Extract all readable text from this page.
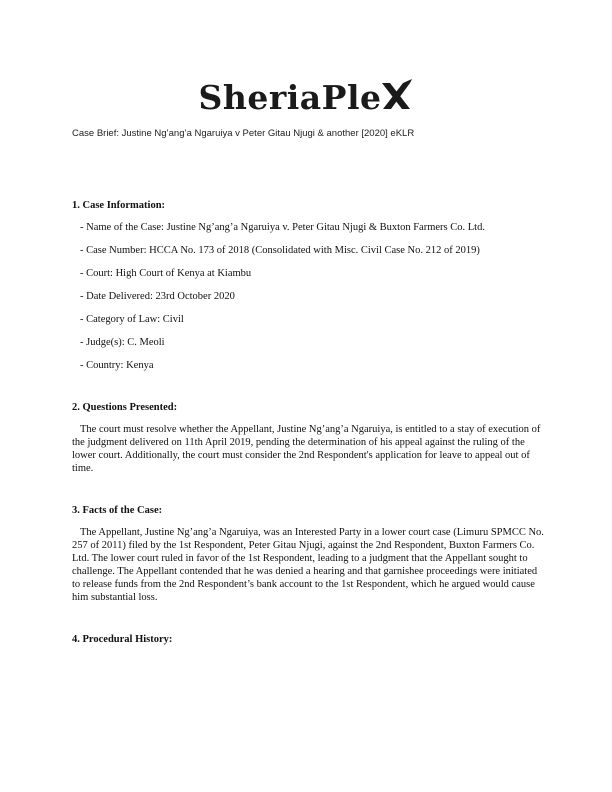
SheriaPle
Case Brief: Justine Ng’ang’a Ngaruiya v Peter Gitau Njugi & another [2020] eKLR
1. Case Information:

- Name of the Case: Justine Ng’ang’a Ngaruiya v. Peter Gitau Njugi & Buxton Farmers Co. Ltd.

- Case Number: HCCA No. 173 of 2018 (Consolidated with Misc. Civil Case No. 212 of 2019)

- Court: High Court of Kenya at Kiambu

- Date Delivered: 23rd October 2020

- Category of Law: Civil

- Judge(s): C. Meoli

- Country: Kenya

2. Questions Presented:

The court must resolve whether the Appellant, Justine Ng’ang’a Ngaruiya, is entitled to a stay of execution of the judgment delivered on 11th April 2019, pending the determination of his appeal against the ruling of the lower court. Additionally, the court must consider the 2nd Respondent's application for leave to appeal out of time.

3. Facts of the Case:

The Appellant, Justine Ng’ang’a Ngaruiya, was an Interested Party in a lower court case (Limuru SPMCC No. 257 of 2011) filed by the 1st Respondent, Peter Gitau Njugi, against the 2nd Respondent, Buxton Farmers Co. Ltd. The lower court ruled in favor of the 1st Respondent, leading to a judgment that the Appellant sought to challenge. The Appellant contended that he was denied a hearing and that garnishee proceedings were initiated to release funds from the 2nd Respondent’s bank account to the 1st Respondent, which he argued would cause him substantial loss.

4. Procedural History:
